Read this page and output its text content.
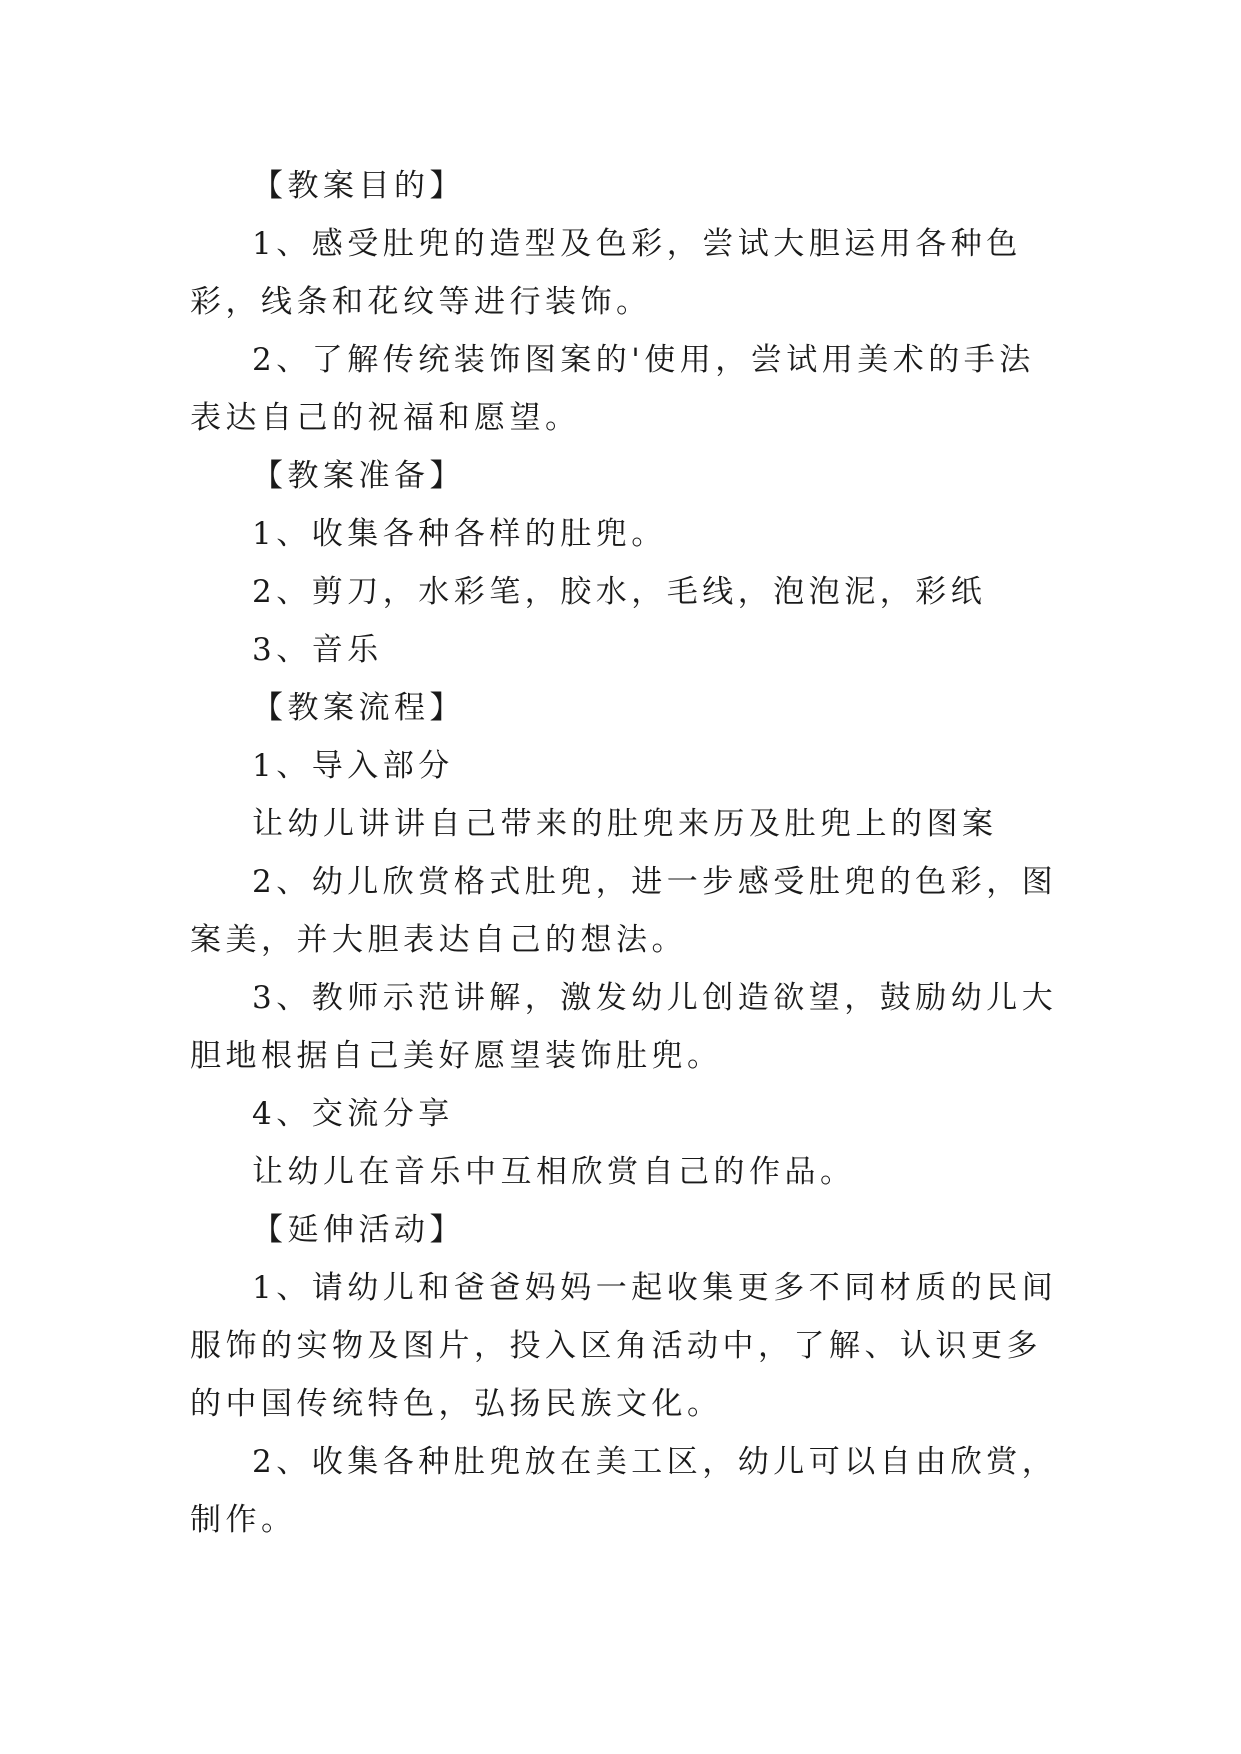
【教案目的】

1、感受肚兜的造型及色彩，尝试大胆运用各种色彩，线条和花纹等进行装饰。

2、了解传统装饰图案的'使用，尝试用美术的手法表达自己的祝福和愿望。

【教案准备】

1、收集各种各样的肚兜。

2、剪刀，水彩笔，胶水，毛线，泡泡泥，彩纸

3、音乐

【教案流程】

1、导入部分

让幼儿讲讲自己带来的肚兜来历及肚兜上的图案

2、幼儿欣赏格式肚兜，进一步感受肚兜的色彩，图案美，并大胆表达自己的想法。

3、教师示范讲解，激发幼儿创造欲望，鼓励幼儿大胆地根据自己美好愿望装饰肚兜。

4、交流分享

让幼儿在音乐中互相欣赏自己的作品。

【延伸活动】

1、请幼儿和爸爸妈妈一起收集更多不同材质的民间服饰的实物及图片，投入区角活动中，了解、认识更多的中国传统特色，弘扬民族文化。

2、收集各种肚兜放在美工区，幼儿可以自由欣赏，制作。
